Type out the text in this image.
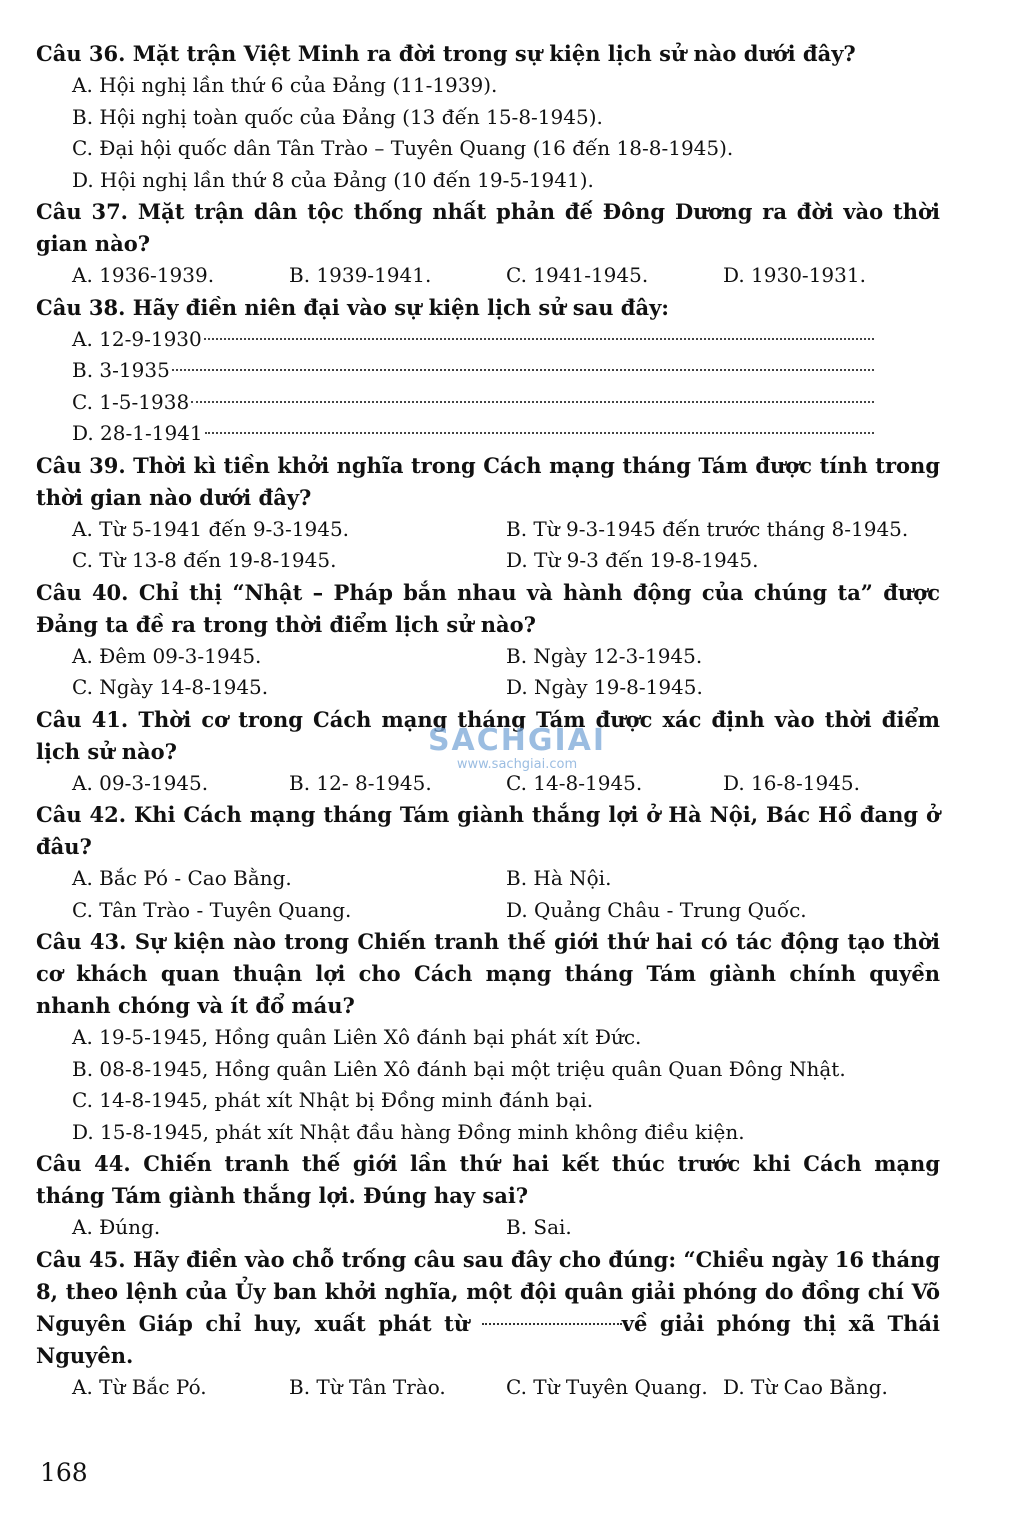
Câu 36. Mặt trận Việt Minh ra đời trong sự kiện lịch sử nào dưới đây?

A. Hội nghị lần thứ 6 của Đảng (11-1939).

B. Hội nghị toàn quốc của Đảng (13 đến 15-8-1945).

C. Đại hội quốc dân Tân Trào – Tuyên Quang (16 đến 18-8-1945).

D. Hội nghị lần thứ 8 của Đảng (10 đến 19-5-1941).

Câu 37. Mặt trận dân tộc thống nhất phản đế Đông Dương ra đời vào thời gian nào?

A. 1936-1939.	B. 1939-1941.	C. 1941-1945.	D. 1930-1931.

Câu 38. Hãy điền niên đại vào sự kiện lịch sử sau đây:

A. 12-9-1930
B. 3-1935
C. 1-5-1938
D. 28-1-1941

Câu 39. Thời kì tiền khởi nghĩa trong Cách mạng tháng Tám được tính trong thời gian nào dưới đây?

A. Từ 5-1941 đến 9-3-1945.	B. Từ 9-3-1945 đến trước tháng 8-1945.
C. Từ 13-8 đến 19-8-1945.	D. Từ 9-3 đến 19-8-1945.

Câu 40. Chỉ thị “Nhật – Pháp bắn nhau và hành động của chúng ta” được Đảng ta đề ra trong thời điểm lịch sử nào?

A. Đêm 09-3-1945.	B. Ngày 12-3-1945.
C. Ngày 14-8-1945.	D. Ngày 19-8-1945.

Câu 41. Thời cơ trong Cách mạng tháng Tám được xác định vào thời điểm lịch sử nào?

A. 09-3-1945.	B. 12- 8-1945.	C. 14-8-1945.	D. 16-8-1945.

Câu 42. Khi Cách mạng tháng Tám giành thắng lợi ở Hà Nội, Bác Hồ đang ở đâu?

A. Bắc Pó - Cao Bằng.	B. Hà Nội.
C. Tân Trào - Tuyên Quang.	D. Quảng Châu - Trung Quốc.

Câu 43. Sự kiện nào trong Chiến tranh thế giới thứ hai có tác động tạo thời cơ khách quan thuận lợi cho Cách mạng tháng Tám giành chính quyền nhanh chóng và ít đổ máu?

A. 19-5-1945, Hồng quân Liên Xô đánh bại phát xít Đức.

B. 08-8-1945, Hồng quân Liên Xô đánh bại một triệu quân Quan Đông Nhật.

C. 14-8-1945, phát xít Nhật bị Đồng minh đánh bại.

D. 15-8-1945, phát xít Nhật đầu hàng Đồng minh không điều kiện.

Câu 44. Chiến tranh thế giới lần thứ hai kết thúc trước khi Cách mạng tháng Tám giành thắng lợi. Đúng hay sai?

A. Đúng.	B. Sai.

Câu 45. Hãy điền vào chỗ trống câu sau đây cho đúng: “Chiều ngày 16 tháng 8, theo lệnh của Ủy ban khởi nghĩa, một đội quân giải phóng do đồng chí Võ Nguyên Giáp chỉ huy, xuất phát từ	về giải phóng thị xã Thái Nguyên.

A. Từ Bắc Pó.	B. Từ Tân Trào.	C. Từ Tuyên Quang. D. Từ Cao Bằng.
SACHGIAI
www.sachgiai.com
168
